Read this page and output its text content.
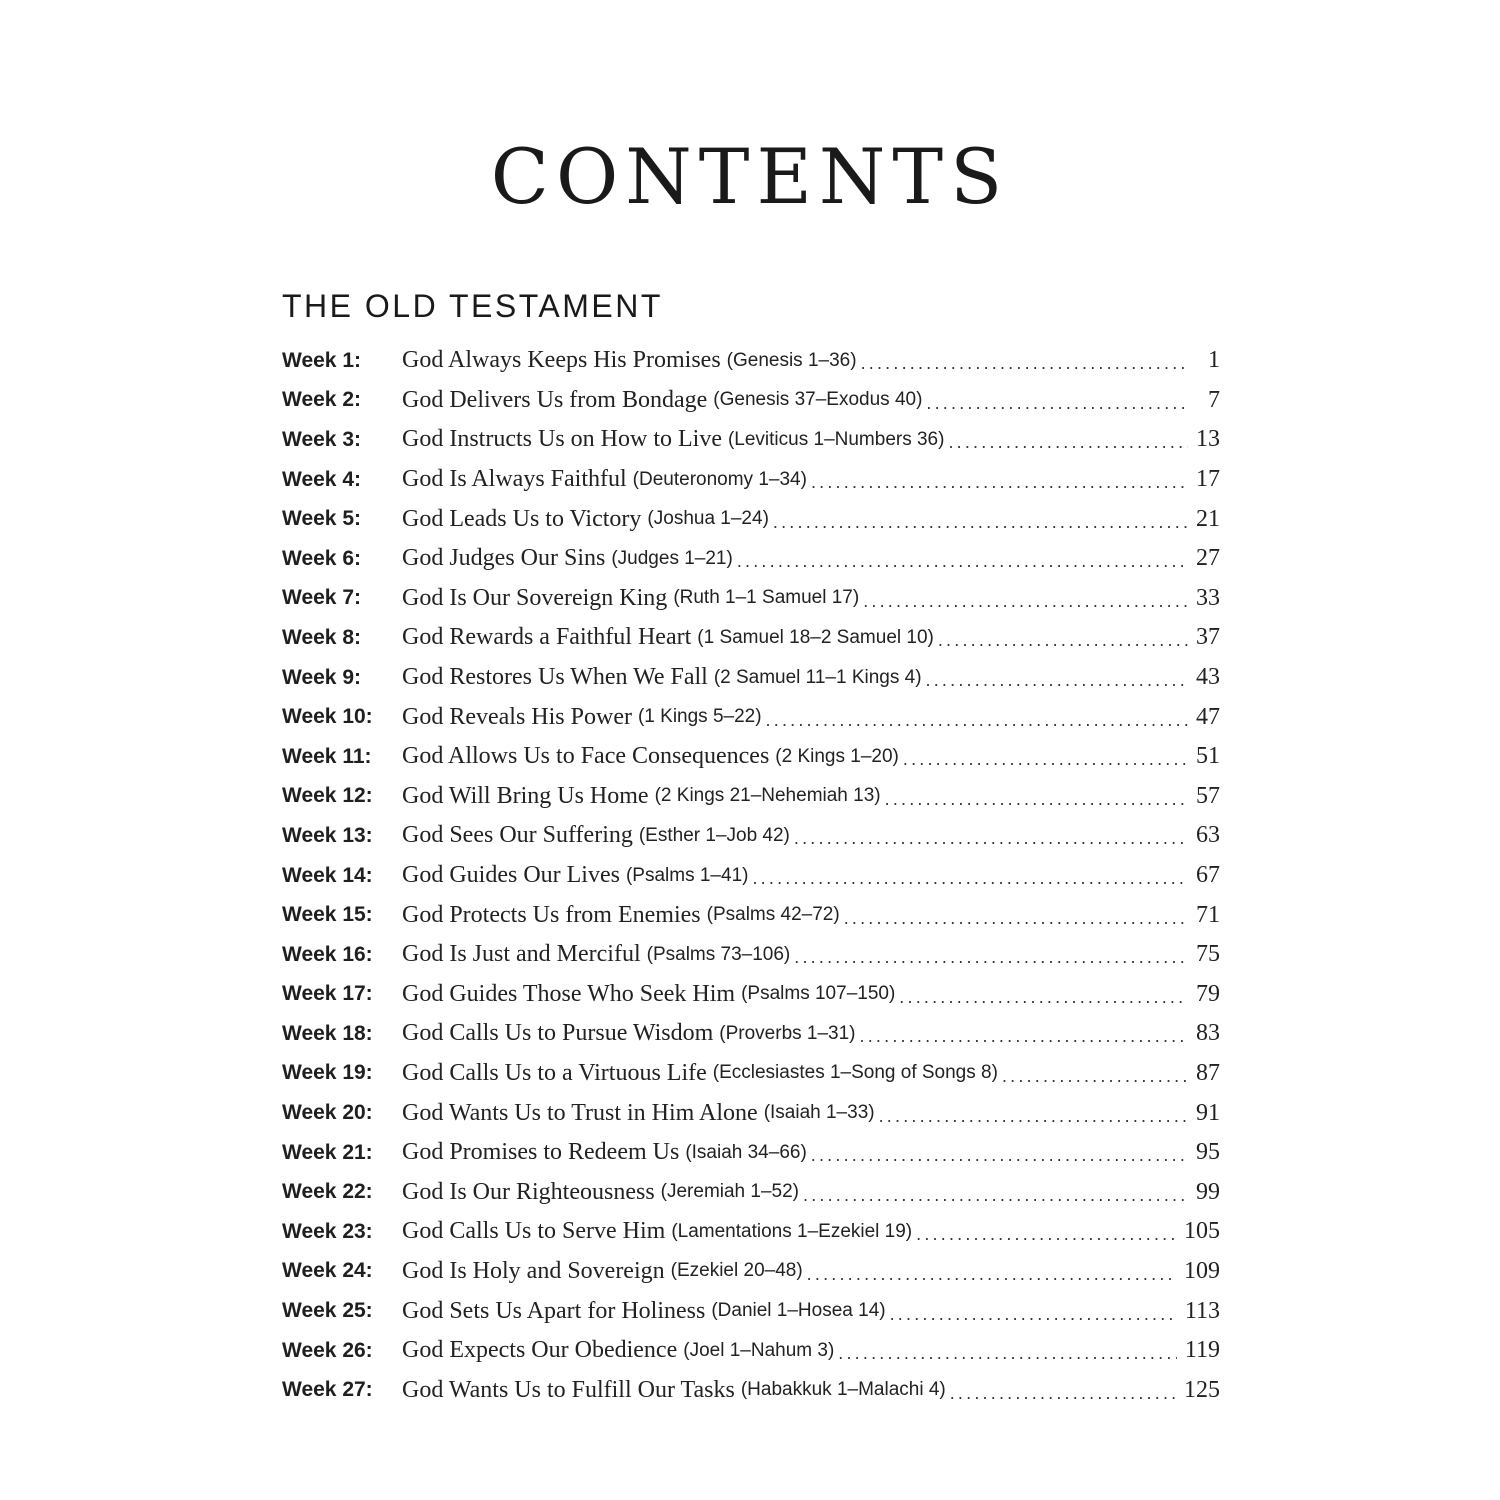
CONTENTS
THE OLD TESTAMENT
Week 1:	God Always Keeps His Promises (Genesis 1–36) .....	1
Week 2:	God Delivers Us from Bondage (Genesis 37–Exodus 40) .....	7
Week 3:	God Instructs Us on How to Live (Leviticus 1–Numbers 36) .....	13
Week 4:	God Is Always Faithful (Deuteronomy 1–34) .....	17
Week 5:	God Leads Us to Victory (Joshua 1–24) .....	21
Week 6:	God Judges Our Sins (Judges 1–21) .....	27
Week 7:	God Is Our Sovereign King (Ruth 1–1 Samuel 17) .....	33
Week 8:	God Rewards a Faithful Heart (1 Samuel 18–2 Samuel 10) .....	37
Week 9:	God Restores Us When We Fall (2 Samuel 11–1 Kings 4) .....	43
Week 10:	God Reveals His Power (1 Kings 5–22) .....	47
Week 11:	God Allows Us to Face Consequences (2 Kings 1–20) .....	51
Week 12:	God Will Bring Us Home (2 Kings 21–Nehemiah 13) .....	57
Week 13:	God Sees Our Suffering (Esther 1–Job 42) .....	63
Week 14:	God Guides Our Lives (Psalms 1–41) .....	67
Week 15:	God Protects Us from Enemies (Psalms 42–72) .....	71
Week 16:	God Is Just and Merciful (Psalms 73–106) .....	75
Week 17:	God Guides Those Who Seek Him (Psalms 107–150) .....	79
Week 18:	God Calls Us to Pursue Wisdom (Proverbs 1–31) .....	83
Week 19:	God Calls Us to a Virtuous Life (Ecclesiastes 1–Song of Songs 8) .....	87
Week 20:	God Wants Us to Trust in Him Alone (Isaiah 1–33) .....	91
Week 21:	God Promises to Redeem Us (Isaiah 34–66) .....	95
Week 22:	God Is Our Righteousness (Jeremiah 1–52) .....	99
Week 23:	God Calls Us to Serve Him (Lamentations 1–Ezekiel 19) .....	105
Week 24:	God Is Holy and Sovereign (Ezekiel 20–48) .....	109
Week 25:	God Sets Us Apart for Holiness (Daniel 1–Hosea 14) .....	113
Week 26:	God Expects Our Obedience (Joel 1–Nahum 3) .....	119
Week 27:	God Wants Us to Fulfill Our Tasks (Habakkuk 1–Malachi 4) .....	125
